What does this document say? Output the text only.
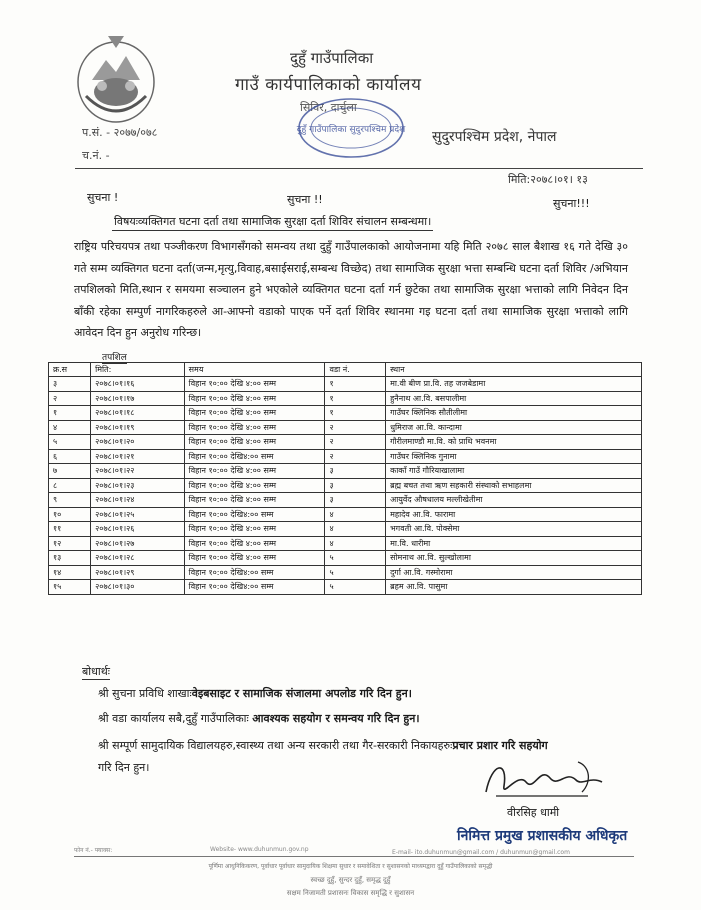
दुहुँ गाउँपालिका
गाउँ कार्यपालिकाको कार्यालय
सिविर, दार्चुला
दुहुँ गाउँपालिका सुदुरपश्चिम प्रदेश
प.सं. - २०७७/०७८
च.नं. -
सुदुरपश्चिम प्रदेश, नेपाल
मिति:२०७८।०१। १३
सुचना !	सुचना !!	सुचना!!!
विषयःव्यक्तिगत घटना दर्ता तथा सामाजिक सुरक्षा दर्ता शिविर संचालन सम्बन्धमा।
राष्ट्रिय परिचयपत्र तथा पञ्जीकरण विभागसँगको समन्वय तथा दुहुँ गाउँपालकाको आयोजनामा यहि मिति २०७८ साल बैशाख १६ गते देखि ३० गते सम्म व्यक्तिगत घटना दर्ता(जन्म,मृत्यु,विवाह,बसाईसराई,सम्बन्ध विच्छेद) तथा सामाजिक सुरक्षा भत्ता सम्बन्धि घटना दर्ता शिविर /अभियान तपशिलको मिति,स्थान र समयमा सञ्चालन हुने भएकोले व्यक्तिगत घटना दर्ता गर्न छुटेका तथा सामाजिक सुरक्षा भत्ताको लागि निवेदन दिन बाँकी रहेका सम्पुर्ण नागरिकहरुले आ-आफ्नो वडाको पाएक पर्ने दर्ता शिविर स्थानमा गइ घटना दर्ता तथा सामाजिक सुरक्षा भत्ताको लागि आवेदन दिन हुन अनुरोध गरिन्छ।
तपशिल
क्र.स	मिति:	समय	वडा नं.	स्थान
३	२०७८।०१।१६	विहान १०:०० देखि ४:०० सम्म	१	मा.वी बीण प्रा.वि. तह जजबेडामा
२	२०७८।०१।१७	विहान १०:०० देखि ४:०० सम्म	१	हुनैनाथ आ.वि. बसपालीमा
१	२०७८।०१।१८	विहान १०:०० देखि ४:०० सम्म	१	गाउँघर क्लिनिक सौतीलीमा
४	२०७८।०१।१९	विहान १०:०० देखि ४:०० सम्म	२	धुमिराज आ.वि. कान्दामा
५	२०७८।०१।२०	विहान १०:०० देखि ४:०० सम्म	२	गौरीलमाण्डौ मा.वि. को प्राथि भवनमा
६	२०७८।०१।२१	विहान १०:०० देखि४:०० सम्म	२	गाउँघर क्लिनिक गुनामा
७	२०७८।०१।२२	विहान १०:०० देखि ४:०० सम्म	३	काकाँ गाउँ गौरियाखालामा
८	२०७८।०१।२३	विहान १०:०० देखि ४:०० सम्म	३	ब्रह्म बचत तथा ऋण सहकारी संस्थाको सभाहलमा
९	२०७८।०१।२४	विहान १०:०० देखि ४:०० सम्म	३	आयुर्वेद औषधालय मल्लीखेतीमा
१०	२०७८।०१।२५	विहान १०:०० देखि४:०० सम्म	४	महादेव आ.वि. फारामा
११	२०७८।०१।२६	विहान १०:०० देखि ४:०० सम्म	४	भगवती आ.वि. पोक्सेमा
१२	२०७८।०१।२७	विहान १०:०० देखि ४:०० सम्म	४	मा.वि. धारीमा
१३	२०७८।०१।२८	विहान १०:०० देखि ४:०० सम्म	५	सोमनाथ आ.वि. सुल्खोलामा
१४	२०७८।०१।२९	विहान १०:०० देखि४:०० सम्म	५	दुर्गा आ.वि. गस्मोरामा
१५	२०७८।०१।३०	विहान १०:०० देखि४:०० सम्म	५	ब्रहम आ.वि. पासुमा
बोधार्थः
श्री सुचना प्रविधि शाखाःवेइबसाइट र सामाजिक संजालमा अपलोड गरि दिन हुन।
श्री वडा कार्यालय सबै,दुहुँ गाउँपालिकाः आवश्यक सहयोग र समन्वय गरि दिन हुन।
श्री सम्पूर्ण सामुदायिक विद्यालयहरु,स्वास्थ्य तथा अन्य सरकारी तथा गैर-सरकारी निकायहरुःप्रचार प्रशार गरि सहयोग
गरि दिन हुन।
वीरसिह धामी
निमित्त प्रमुख प्रशासकीय अधिकृत
फोन नं.- फ्याक्स:	Website- www.duhunmun.gov.np	E-mail- ito.duhunmun@gmail.com / duhunmun@gmail.com
पूर्णिमा आधुनिकिकरण, पूर्वाधार पूर्वाधार सामुदायिक शिक्षमा सुधार र समावेशिता र सुशासनको माध्यमद्वारा दुहुँ गाउँपालिकाको समृद्धी
स्वच्छ दुहुँ, सुन्दर दुहुँ, समृद्ध दुहुँ
सक्षम निजामती प्रशासनः विकास समृद्धि र सुशासन
